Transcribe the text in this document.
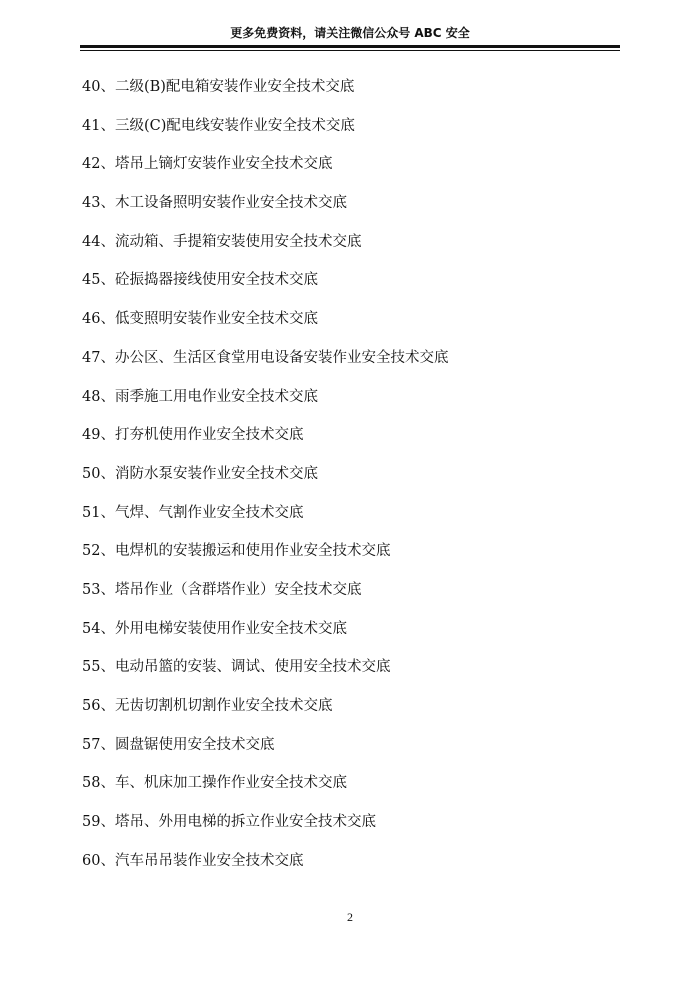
更多免费资料，请关注微信公众号 ABC 安全
40、二级(B)配电箱安装作业安全技术交底
41、三级(C)配电线安装作业安全技术交底
42、塔吊上镝灯安装作业安全技术交底
43、木工设备照明安装作业安全技术交底
44、流动箱、手提箱安装使用安全技术交底
45、砼振捣器接线使用安全技术交底
46、低变照明安装作业安全技术交底
47、办公区、生活区食堂用电设备安装作业安全技术交底
48、雨季施工用电作业安全技术交底
49、打夯机使用作业安全技术交底
50、消防水泵安装作业安全技术交底
51、气焊、气割作业安全技术交底
52、电焊机的安装搬运和使用作业安全技术交底
53、塔吊作业（含群塔作业）安全技术交底
54、外用电梯安装使用作业安全技术交底
55、电动吊篮的安装、调试、使用安全技术交底
56、无齿切割机切割作业安全技术交底
57、圆盘锯使用安全技术交底
58、车、机床加工操作作业安全技术交底
59、塔吊、外用电梯的拆立作业安全技术交底
60、汽车吊吊装作业安全技术交底
2
